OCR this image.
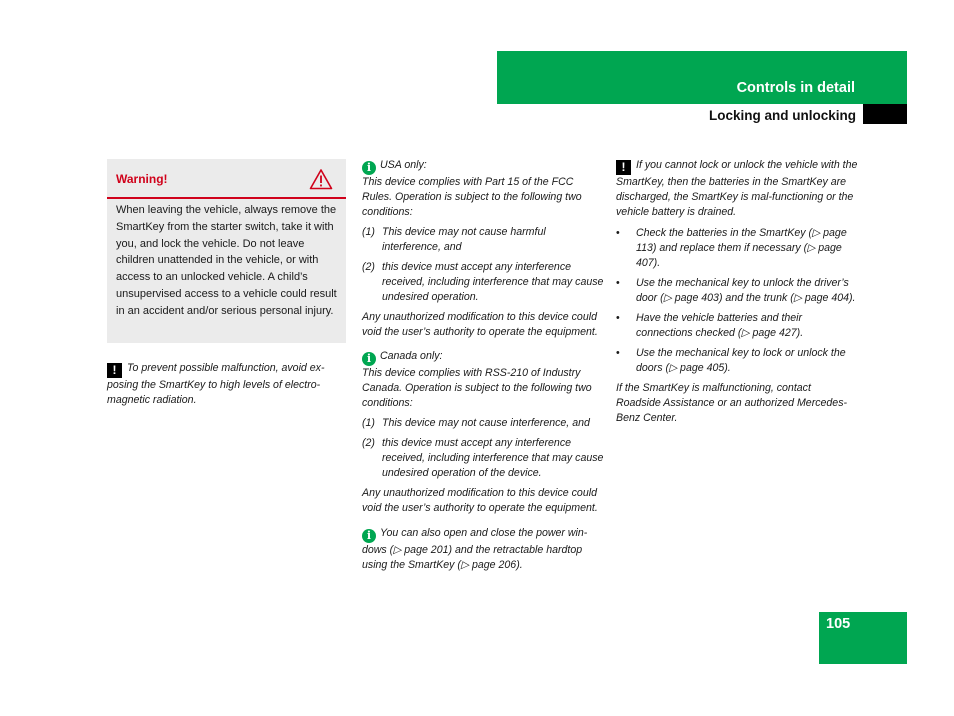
Controls in detail
Locking and unlocking
Warning!
When leaving the vehicle, always remove the SmartKey from the starter switch, take it with you, and lock the vehicle. Do not leave children unattended in the vehicle, or with access to an unlocked vehicle. A child’s unsupervised access to a vehicle could result in an accident and/or serious personal injury.

! To prevent possible malfunction, avoid ex-posing the SmartKey to high levels of electro-magnetic radiation.

i USA only:

This device complies with Part 15 of the FCC Rules. Operation is subject to the following two conditions:

(1) This device may not cause harmful interference, and
(2) this device must accept any interference received, including interference that may cause undesired operation.

Any unauthorized modification to this device could void the user’s authority to operate the equipment.

i Canada only:

This device complies with RSS-210 of Industry Canada. Operation is subject to the following two conditions:

(1) This device may not cause interference, and
(2) this device must accept any interference received, including interference that may cause undesired operation of the device.

Any unauthorized modification to this device could void the user’s authority to operate the equipment.

i You can also open and close the power win-dows (▷ page 201) and the retractable hardtop using the SmartKey (▷ page 206).

! If you cannot lock or unlock the vehicle with the SmartKey, then the batteries in the SmartKey are discharged, the SmartKey is mal-functioning or the vehicle battery is drained.

• Check the batteries in the SmartKey (▷ page 113) and replace them if necessary (▷ page 407).
• Use the mechanical key to unlock the driver’s door (▷ page 403) and the trunk (▷ page 404).
• Have the vehicle batteries and their connections checked (▷ page 427).
• Use the mechanical key to lock or unlock the doors (▷ page 405).

If the SmartKey is malfunctioning, contact Roadside Assistance or an authorized Mercedes-Benz Center.

105
